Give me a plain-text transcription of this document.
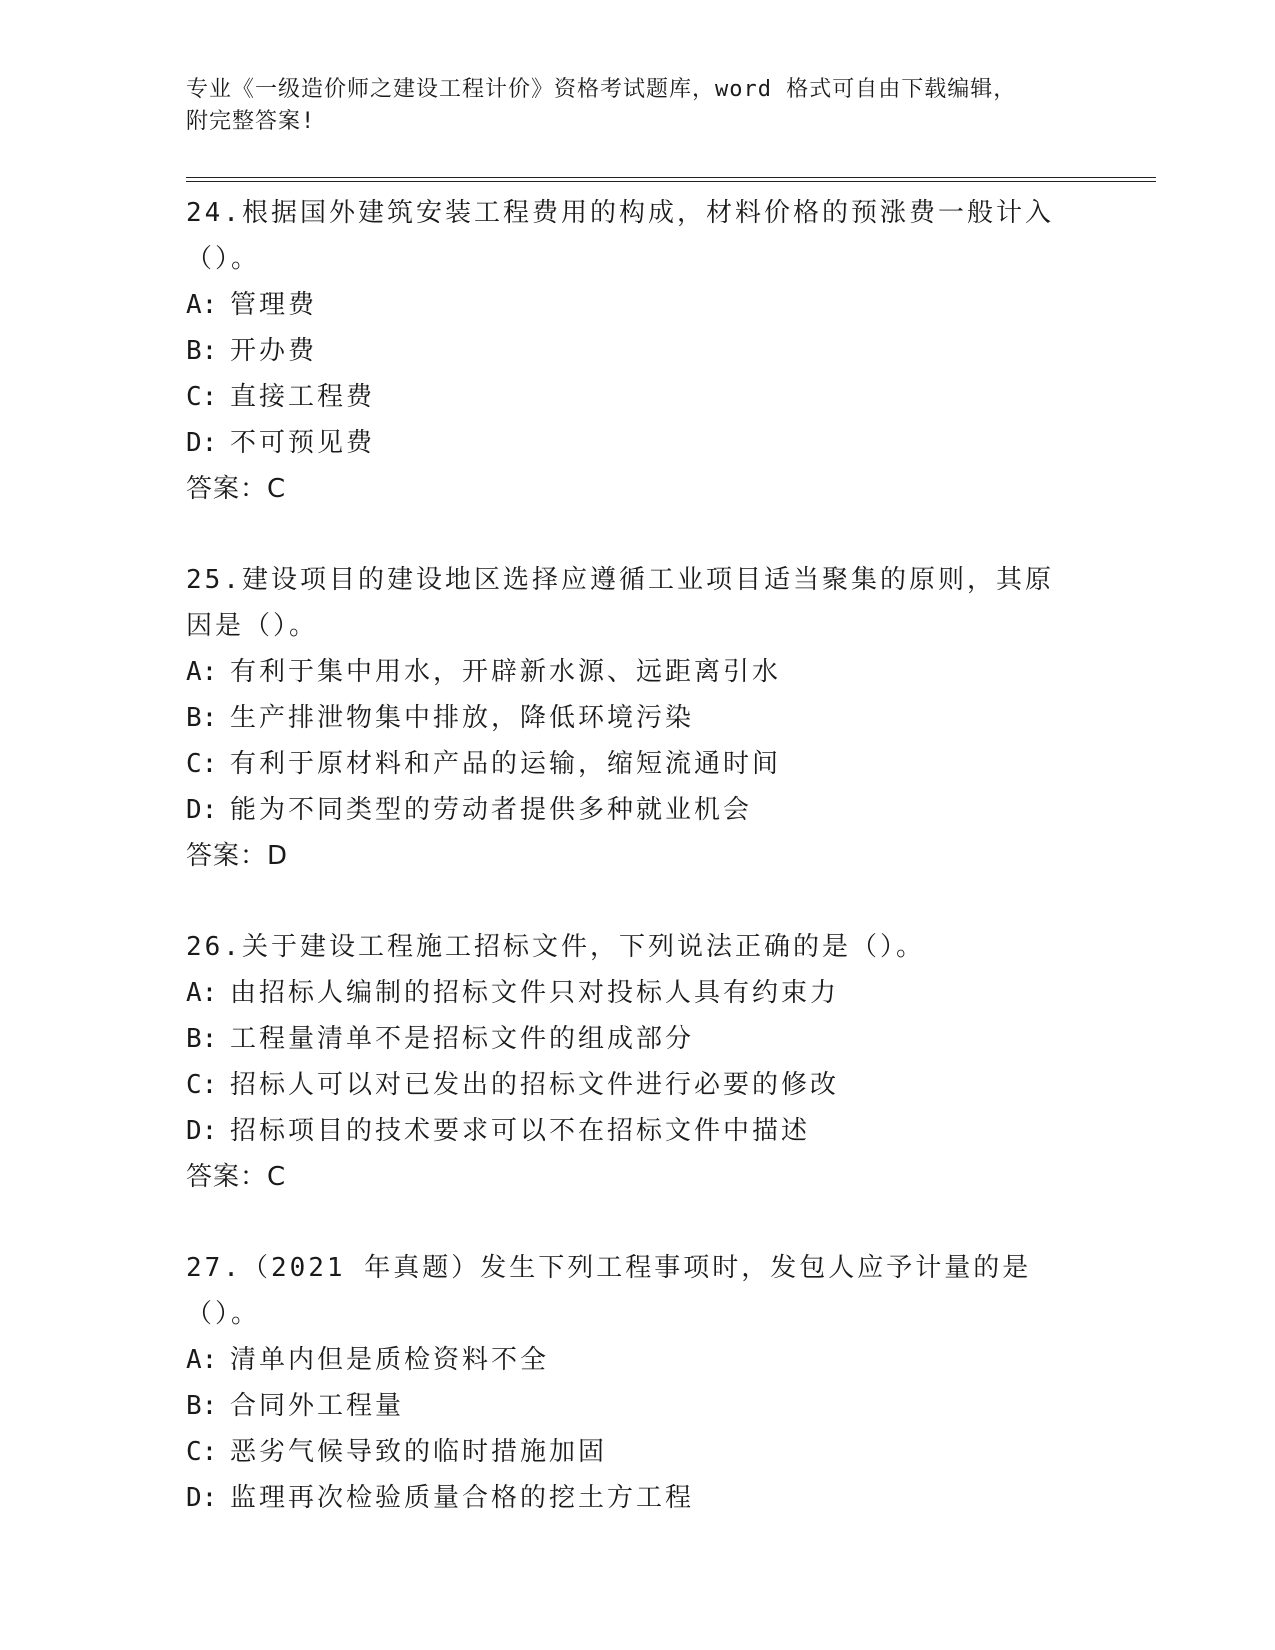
专业《一级造价师之建设工程计价》资格考试题库，word 格式可自由下载编辑，
附完整答案!
24.根据国外建筑安装工程费用的构成，材料价格的预涨费一般计入（）。
A: 管理费
B: 开办费
C: 直接工程费
D: 不可预见费
答案：C
25.建设项目的建设地区选择应遵循工业项目适当聚集的原则，其原因是（）。
A: 有利于集中用水，开辟新水源、远距离引水
B: 生产排泄物集中排放，降低环境污染
C: 有利于原材料和产品的运输，缩短流通时间
D: 能为不同类型的劳动者提供多种就业机会
答案：D
26.关于建设工程施工招标文件，下列说法正确的是（）。
A: 由招标人编制的招标文件只对投标人具有约束力
B: 工程量清单不是招标文件的组成部分
C: 招标人可以对已发出的招标文件进行必要的修改
D: 招标项目的技术要求可以不在招标文件中描述
答案：C
27.（2021 年真题）发生下列工程事项时，发包人应予计量的是（）。
A: 清单内但是质检资料不全
B: 合同外工程量
C: 恶劣气候导致的临时措施加固
D: 监理再次检验质量合格的挖土方工程
